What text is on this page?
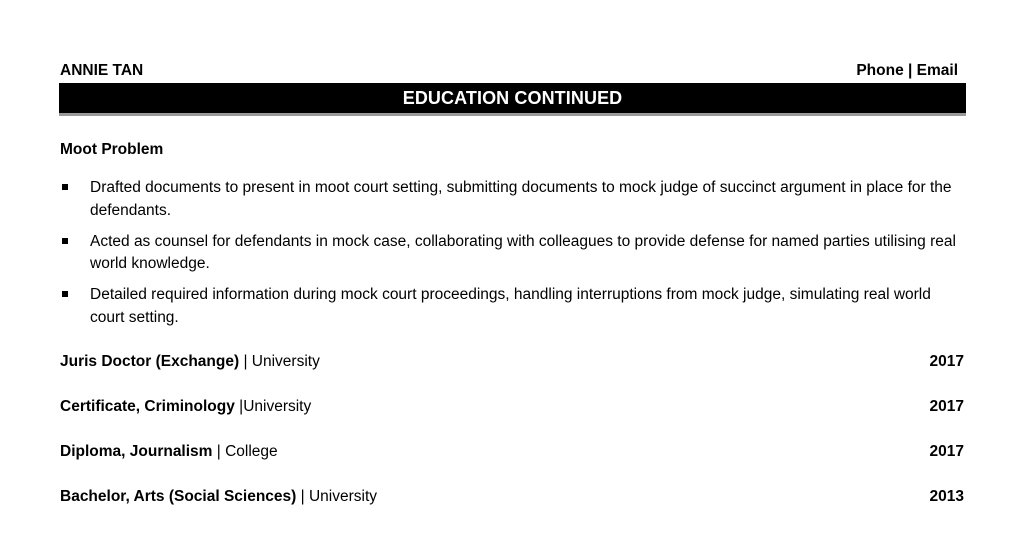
ANNIE TAN	Phone | Email
EDUCATION CONTINUED
Moot Problem
Drafted documents to present in moot court setting, submitting documents to mock judge of succinct argument in place for the defendants.
Acted as counsel for defendants in mock case, collaborating with colleagues to provide defense for named parties utilising real world knowledge.
Detailed required information during mock court proceedings, handling interruptions from mock judge, simulating real world court setting.
Juris Doctor (Exchange) | University	2017
Certificate, Criminology |University	2017
Diploma, Journalism | College	2017
Bachelor, Arts (Social Sciences) | University	2013
